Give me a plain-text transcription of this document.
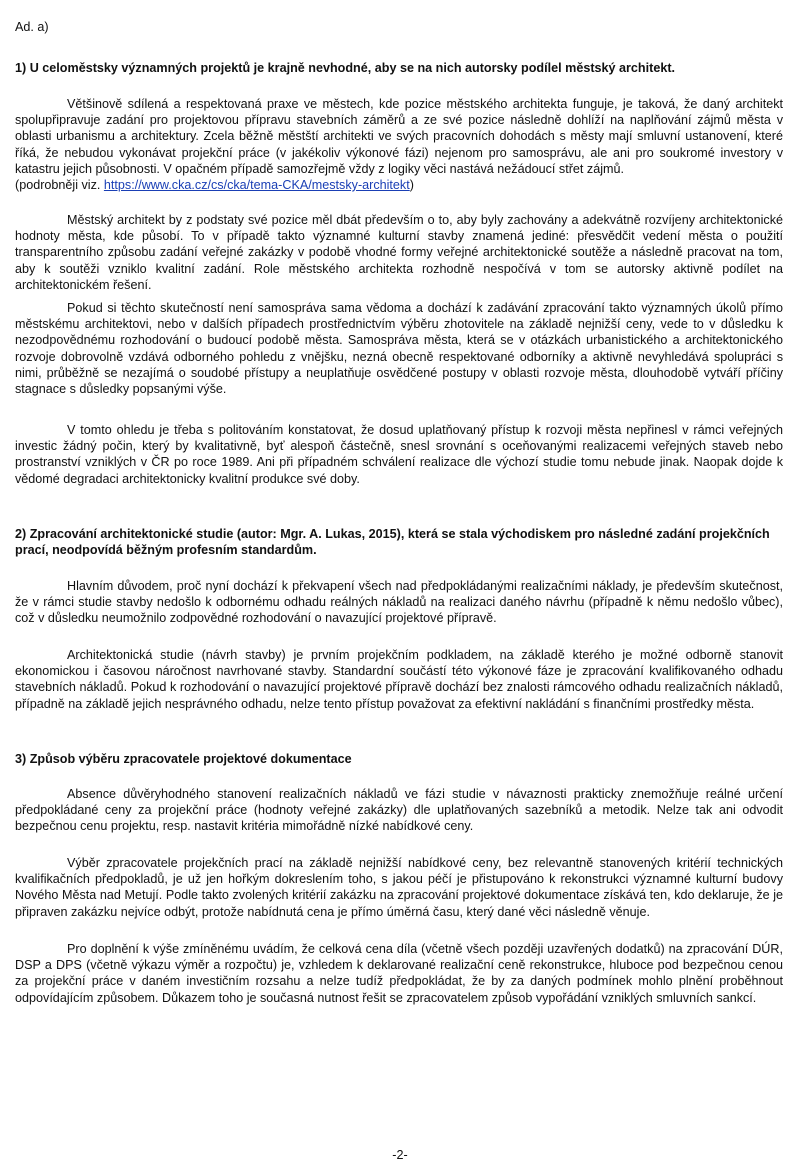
Ad. a)

1) U celoměstsky významných projektů je krajně nevhodné, aby se na nich autorsky podílel městský architekt.

Většinově sdílená a respektovaná praxe ve městech, kde pozice městského architekta funguje, je taková, že daný architekt spolupřipravuje zadání pro projektovou přípravu stavebních záměrů a ze své pozice následně dohlíží na naplňování zájmů města v oblasti urbanismu a architektury. Zcela běžně městští architekti ve svých pracovních dohodách s městy mají smluvní ustanovení, které říká, že nebudou vykonávat projekční práce (v jakékoliv výkonové fázi) nejenom pro samosprávu, ale ani pro soukromé investory v katastru jejich působnosti. V opačném případě samozřejmě vždy z logiky věci nastává nežádoucí střet zájmů.

(podrobněji viz. https://www.cka.cz/cs/cka/tema-CKA/mestsky-architekt)

Městský architekt by z podstaty své pozice měl dbát především o to, aby byly zachovány a adekvátně rozvíjeny architektonické hodnoty města, kde působí. To v případě takto významné kulturní stavby znamená jediné: přesvědčit vedení města o použití transparentního způsobu zadání veřejné zakázky v podobě vhodné formy veřejné architektonické soutěže a následně pracovat na tom, aby k soutěži vzniklo kvalitní zadání. Role městského architekta rozhodně nespočívá v tom se autorsky aktivně podílet na architektonickém řešení.

Pokud si těchto skutečností není samospráva sama vědoma a dochází k zadávání zpracování takto významných úkolů přímo městskému architektovi, nebo v dalších případech prostřednictvím výběru zhotovitele na základě nejnižší ceny, vede to v důsledku k nezodpovědnému rozhodování o budoucí podobě města. Samospráva města, která se v otázkách urbanistického a architektonického rozvoje dobrovolně vzdává odborného pohledu z vnějšku, nezná obecně respektované odborníky a aktivně nevyhledává spolupráci s nimi, průběžně se nezajímá o soudobé přístupy a neuplatňuje osvědčené postupy v oblasti rozvoje města, dlouhodobě vytváří příčiny stagnace s důsledky popsanými výše.

V tomto ohledu je třeba s politováním konstatovat, že dosud uplatňovaný přístup k rozvoji města nepřinesl v rámci veřejných investic žádný počin, který by kvalitativně, byť alespoň částečně, snesl srovnání s oceňovanými realizacemi veřejných staveb nebo prostranství vzniklých v ČR po roce 1989. Ani při případném schválení realizace dle výchozí studie tomu nebude jinak. Naopak dojde k vědomé degradaci architektonicky kvalitní produkce své doby.

2) Zpracování architektonické studie (autor: Mgr. A. Lukas, 2015), která se stala východiskem pro následné zadání projekčních prací, neodpovídá běžným profesním standardům.

Hlavním důvodem, proč nyní dochází k překvapení všech nad předpokládanými realizačními náklady, je především skutečnost, že v rámci studie stavby nedošlo k odbornému odhadu reálných nákladů na realizaci daného návrhu (případně k němu nedošlo vůbec), což v důsledku neumožnilo zodpovědné rozhodování o navazující projektové přípravě.

Architektonická studie (návrh stavby) je prvním projekčním podkladem, na základě kterého je možné odborně stanovit ekonomickou i časovou náročnost navrhované stavby. Standardní součástí této výkonové fáze je zpracování kvalifikovaného odhadu stavebních nákladů. Pokud k rozhodování o navazující projektové přípravě dochází bez znalosti rámcového odhadu realizačních nákladů, případně na základě jejich nesprávného odhadu, nelze tento přístup považovat za efektivní nakládání s finančními prostředky města.

3) Způsob výběru zpracovatele projektové dokumentace

Absence důvěryhodného stanovení realizačních nákladů ve fázi studie v návaznosti prakticky znemožňuje reálné určení předpokládané ceny za projekční práce (hodnoty veřejné zakázky) dle uplatňovaných sazebníků a metodik. Nelze tak ani odvodit bezpečnou cenu projektu, resp. nastavit kritéria mimořádně nízké nabídkové ceny.

Výběr zpracovatele projekčních prací na základě nejnižší nabídkové ceny, bez relevantně stanovených kritérií technických kvalifikačních předpokladů, je už jen hořkým dokreslením toho, s jakou péčí je přistupováno k rekonstrukci významné kulturní budovy Nového Města nad Metují. Podle takto zvolených kritérií zakázku na zpracování projektové dokumentace získává ten, kdo deklaruje, že je připraven zakázku nejvíce odbýt, protože nabídnutá cena je přímo úměrná času, který dané věci následně věnuje.

Pro doplnění k výše zmíněnému uvádím, že celková cena díla (včetně všech později uzavřených dodatků) na zpracování DÚR, DSP a DPS (včetně výkazu výměr a rozpočtu) je, vzhledem k deklarované realizační ceně rekonstrukce, hluboce pod bezpečnou cenou za projekční práce v daném investičním rozsahu a nelze tudíž předpokládat, že by za daných podmínek mohlo plnění proběhnout odpovídajícím způsobem. Důkazem toho je současná nutnost řešit se zpracovatelem způsob vypořádání vzniklých smluvních sankcí.

-2-
